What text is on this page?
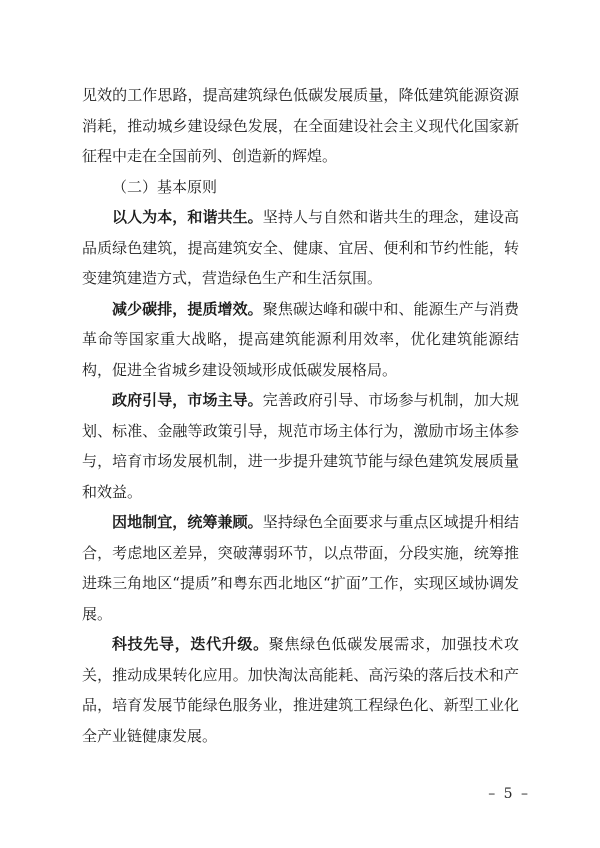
见效的工作思路，提高建筑绿色低碳发展质量，降低建筑能源资源消耗，推动城乡建设绿色发展，在全面建设社会主义现代化国家新征程中走在全国前列、创造新的辉煌。

（二）基本原则

以人为本，和谐共生。坚持人与自然和谐共生的理念，建设高品质绿色建筑，提高建筑安全、健康、宜居、便利和节约性能，转变建筑建造方式，营造绿色生产和生活氛围。

减少碳排，提质增效。聚焦碳达峰和碳中和、能源生产与消费革命等国家重大战略，提高建筑能源利用效率，优化建筑能源结构，促进全省城乡建设领域形成低碳发展格局。

政府引导，市场主导。完善政府引导、市场参与机制，加大规划、标准、金融等政策引导，规范市场主体行为，激励市场主体参与，培育市场发展机制，进一步提升建筑节能与绿色建筑发展质量和效益。

因地制宜，统筹兼顾。坚持绿色全面要求与重点区域提升相结合，考虑地区差异，突破薄弱环节，以点带面，分段实施，统筹推进珠三角地区“提质”和粤东西北地区“扩面”工作，实现区域协调发展。

科技先导，迭代升级。聚焦绿色低碳发展需求，加强技术攻关，推动成果转化应用。加快淘汰高能耗、高污染的落后技术和产品，培育发展节能绿色服务业，推进建筑工程绿色化、新型工业化全产业链健康发展。

– 5 –
